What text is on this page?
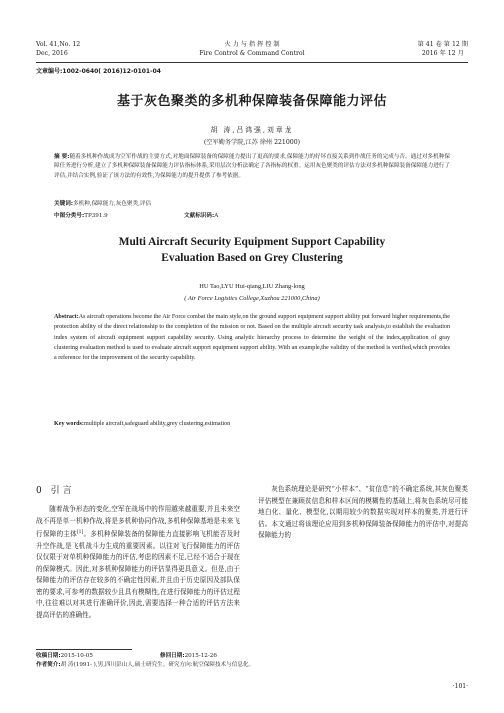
Vol. 41,No. 12
Dec, 2016
火 力 与 指 挥 控 制
Fire Control & Command Control
第 41 卷 第 12 期
2016 年 12 月
文章编号:1002-0640( 2016)12-0101-04
基于灰色聚类的多机种保障装备保障能力评估
胡 涛,吕鸿强,刘章龙
(空军勤务学院,江苏 徐州 221000)
摘 要:随着多机种作战成为空军作战的主要方式,对地面保障装备的保障能力提出了更高的要求,保障能力的好坏直接关系到作战任务的完成与否。通过对多机种保障任务进行分析,建立了多机种保障装备保障能力评估指标体系,采用层次分析法确定了各指标的权重。运用灰色聚类的评估方法对多机种保障装备保障能力进行了评估,并结合实例,验证了该方法的有效性,为保障能力的提升提供了参考依据。
关键词:多机种,保障能力,灰色聚类,评估
中图分类号:TP391.9	文献标识码:A
Multi Aircraft Security Equipment Support Capability
Evaluation Based on Grey Clustering
HU Tao,LYU Hui-qiang,LIU Zhang-long
( Air Force Logistics College,Xuzhou 221000,China)
Abstract:As aircraft operations become the Air Force combat the main style,on the ground support equipment support ability put forward higher requirements,the protection ability of the direct relationship to the completion of the mission or not. Based on the multiple aircraft security task analysis,to establish the evaluation index system of aircraft equipment support capability security. Using analytic hierarchy process to determine the weight of the index,application of gray clustering evaluation method is used to evaluate aircraft support equipment support ability. With an example,the validity of the method is verified,which provides a reference for the improvement of the security capability.
Key words:multiple aircraft,safeguard ability,grey clustering,estimation
0 引言

随着战争形态的变化,空军在战场中的作用越来越重要,并且未来空战不再是单一机种作战,将是多机种协同作战,多机种保障基地是未来飞行保障的主体[1]。多机种保障装备的保障能力直接影响飞机能否及时升空作战,是飞机战斗力生成的重要因素。以往对飞行保障能力的评估仅仅限于对单机种保障能力的评估,考虑的因素不足,已经不适合于现在的保障模式。因此,对多机种保障能力的评估显得更具意义。但是,由于保障能力的评估存在较多的不确定性因素,并且由于历史原因及部队保密的要求,可参考的数据较少且具有模糊性,在进行保障能力的评估过程中,往往难以对其进行准确评价,因此,需要选择一种合适的评估方法来提高评估的准确性。

灰色系统理论是研究“小样本”、“贫信息”的不确定系统,其灰色聚类评估模型在兼顾贫信息和样本区间的模糊性的基础上,将灰色系统尽可能地白化、量化、模型化,以期用较少的数据实现对样本的聚类,并进行评估。本文通过将该理论应用到多机种保障装备保障能力的评估中,对提高保障能力的

收稿日期:2015-10-05	修回日期:2015-12-26
作者简介:胡 涛(1991- ),男,四川彭山人,硕士研究生。研究方向:航空保障技术与信息化。
·101·
